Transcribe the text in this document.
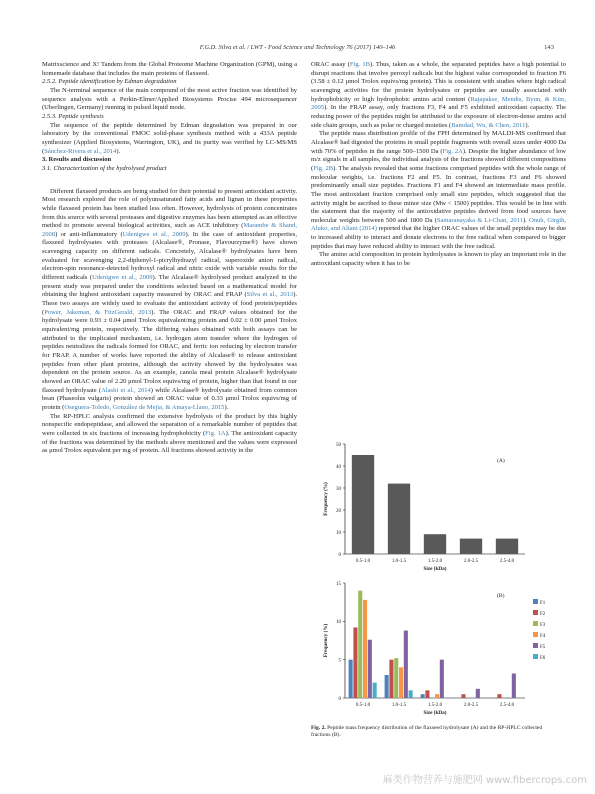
F.G.D. Silva et al. / LWT - Food Science and Technology 76 (2017) 140–146	143

Matrixscience and X! Tandem from the Global Proteome Machine Organization (GPM), using a homemade database that includes the main proteins of flaxseed.

2.5.2. Peptide identification by Edman degradation

The N-terminal sequence of the main compound of the most active fraction was identified by sequence analysis with a Perkin-Elmer/Applied Biosystems Procise 494 microsequencer (Uberlingen, Germany) running in pulsed liquid mode.

2.5.3. Peptide synthesis

The sequence of the peptide determined by Edman degradation was prepared in our laboratory by the conventional FMOC solid-phase synthesis method with a 433A peptide synthesizer (Applied Biosystems, Warrington, UK), and its purity was verified by LC-MS/MS (Sánchez-Rivera et al., 2014).

3. Results and discussion

3.1. Characterization of the hydrolysed product

Different flaxseed products are being studied for their potential to present antioxidant activity. Most research explored the role of polyunsaturated fatty acids and lignan in these properties while flaxseed protein has been studied less often. However, hydrolysis of protein concentrates from this source with several proteases and digestive enzymes has been attempted as an effective method to promote several biological activities, such as ACE inhibitory (Marambe & Shand, 2008) or anti-inflammatory (Udenigwe et al., 2009). In the case of antioxidant properties, flaxseed hydrolysates with proteases (Alcalase®, Pronase, Flavourzyme®) have shown scavenging capacity on different radicals. Concretely, Alcalase® hydrolysates have been evaluated for scavenging 2,2-diphenyl-1-picrylhydrazyl radical, superoxide anion radical, electron-spin resonance-detected hydroxyl radical and nitric oxide with variable results for the different radicals (Udenigwe et al., 2009). The Alcalase® hydrolysed product analyzed in the present study was prepared under the conditions selected based on a mathematical model for obtaining the highest antioxidant capacity measured by ORAC and FRAP (Silva et al., 2013). These two assays are widely used to evaluate the antioxidant activity of food protein/peptides (Power, Jakeman, & FitzGerald, 2013). The ORAC and FRAP values obtained for the hydrolysate were 0.93 ± 0.04 μmol Trolox equivalent/mg protein and 0.02 ± 0.00 μmol Trolox equivalent/mg protein, respectively. The differing values obtained with both assays can be attributed to the implicated mechanism, i.e. hydrogen atom transfer where the hydrogen of peptides neutralizes the radicals formed for ORAC, and ferric ion reducing by electron transfer for FRAP. A number of works have reported the ability of Alcalase® to release antioxidant peptides from other plant proteins, although the activity showed by the hydrolysates was dependent on the protein source. As an example, canola meal protein Alcalase® hydrolysate showed an ORAC value of 2.20 μmol Trolox equivs/mg of protein, higher than that found in our flaxseed hydrolysate (Alashi et al., 2014) while Alcalase® hydrolysate obtained from common bean (Phaseolus vulgaris) protein showed an ORAC value of 0.33 μmol Trolox equivs/mg of protein (Oseguera-Toledo, González de Mejia, & Amaya-Llano, 2015).

The RP-HPLC analysis confirmed the extensive hydrolysis of the product by this highly nonspecific endopeptidase, and allowed the separation of a remarkable number of peptides that were collected in six fractions of increasing hydrophobicity (Fig. 1A). The antioxidant capacity of the fractions was determined by the methods above mentioned and the values were expressed as μmol Trolox equivalent per mg of protein. All fractions showed activity in the

ORAC assay (Fig. 1B). Thus, taken as a whole, the separated peptides have a high potential to disrupt reactions that involve peroxyl radicals but the highest value corresponded to fraction F6 (3.58 ± 0.12 μmol Trolox equivs/mg protein). This is consistent with studies where high radical scavenging activities for the protein hydrolysates or peptides are usually associated with hydrophobicity or high hydrophobic amino acid content (Rajapakse, Mendis, Byun, & Kim, 2005). In the FRAP assay, only fractions F3, F4 and F5 exhibited antioxidant capacity. The reducing power of the peptides might be attributed to the exposure of electron-dense amino acid side chain groups, such as polar or charged moieties (Bamdad, Wu, & Chen, 2011).

The peptide mass distribution profile of the FPH determined by MALDI-MS confirmed that Alcalase® had digested the proteins in small peptide fragments with overall sizes under 4000 Da with 70% of peptides in the range 500–1500 Da (Fig. 2A). Despite the higher abundance of low m/z signals in all samples, the individual analysis of the fractions showed different compositions (Fig. 2B). The analysis revealed that some fractions comprised peptides with the whole range of molecular weights, i.e. fractions F2 and F5. In contrast, fractions F3 and F6 showed predominantly small size peptides. Fractions F1 and F4 showed an intermediate mass profile. The most antioxidant fraction comprised only small size peptides, which suggested that the activity might be ascribed to these minor size (Mw < 1500) peptides. This would be in line with the statement that the majority of the antioxidative peptides derived from food sources have molecular weights between 500 and 1800 Da (Samaranayaka & Li-Chan, 2011). Onuh, Girgih, Aluko, and Aliani (2014) reported that the higher ORAC values of the small peptides may be due to increased ability to interact and donate electrons to the free radical when compared to bigger peptides that may have reduced ability to interact with the free radical.

The amino acid composition in protein hydrolysates is known to play an important role in the antioxidant capacity when it has to be

0
10
20
30
40
50
0.5-1.0	1.0-1.5	1.5-2.0	2.0-2.5	2.5-4.0
(A)
Size (kDa)
Frequency (%)
0
5
10
15
0.5-1.0	1.0-1.5	1.5-2.0	2.0-2.5	2.5-4.0
F1
F2
F3
F4
F5
F6
(B)
Size (kDa)
Frequency (%)
Fig. 2. Peptide mass frequency distribution of the flaxseed hydrolysate (A) and the RP-HPLC collected fractions (B).
麻类作物营养与施肥网 www.fibercrops.com
